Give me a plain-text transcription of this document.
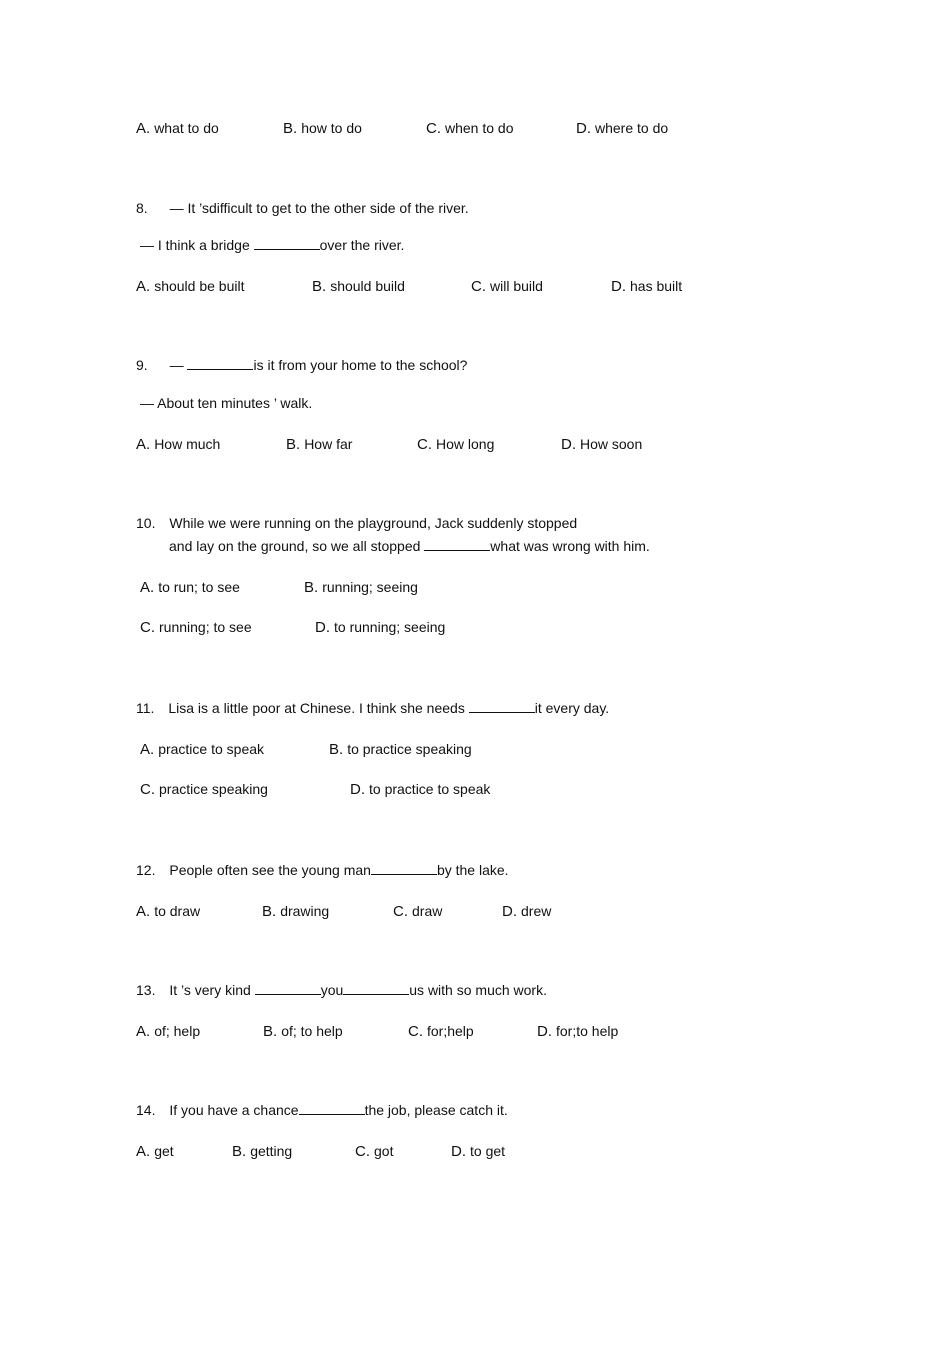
A. what to do	B. how to do	C. when to do	D. where to do
8. — It ’sdifficult to get to the other side of the river.
— I think a bridge	over the river.
A. should be built	B. should build	C. will build	D. has built
9. —	is it from your home to the school?
— About ten minutes ’ walk.
A. How much	B. How far	C. How long	D. How soon
10. While we were running on the playground, Jack suddenly stopped
and lay on the ground, so we all stopped	what was wrong with him.
A. to run; to see	B. running; seeing
C. running; to see	D. to running; seeing
11. Lisa is a little poor at Chinese. I think she needs	it every day.
A. practice to speak	B. to practice speaking
C. practice speaking	D. to practice to speak
12. People often see the young man	by the lake.
A. to draw	B. drawing	C. draw	D. drew
13. It ’s very kind	you	us with so much work.
A. of; help	B. of; to help	C. for;help	D. for;to help
14. If you have a chance	the job, please catch it.
A. get	B. getting	C. got	D. to get
